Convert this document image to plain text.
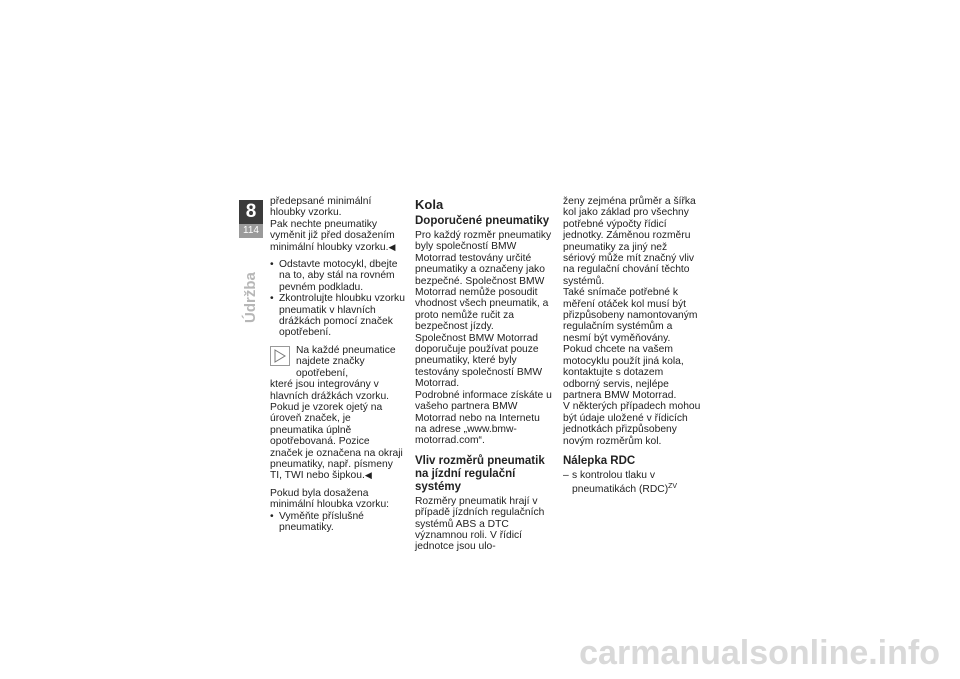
8
114
Údržba

předepsané minimální hloubky vzorku.

Pak nechte pneumatiky vyměnit již před dosažením minimální hloubky vzorku.◀

• Odstavte motocykl, dbejte na to, aby stál na rovném pevném podkladu.
• Zkontrolujte hloubku vzorku pneumatik v hlavních drážkách pomocí značek opotřebení.

Na každé pneumatice najdete značky opotřebení,

které jsou integrovány v hlavních drážkách vzorku. Pokud je vzorek ojetý na úroveň značek, je pneumatika úplně opotřebovaná. Pozice značek je označena na okraji pneumatiky, např. písmeny TI, TWI nebo šipkou.◀

Pokud byla dosažena minimální hloubka vzorku:

• Vyměňte příslušné pneumatiky.
Kola
Doporučené pneumatiky

Pro každý rozměr pneumatiky byly společností BMW Motorrad testovány určité pneumatiky a označeny jako bezpečné. Společnost BMW Motorrad nemůže posoudit vhodnost všech pneumatik, a proto nemůže ručit za bezpečnost jízdy.

Společnost BMW Motorrad doporučuje používat pouze pneumatiky, které byly testovány společností BMW Motorrad.

Podrobné informace získáte u vašeho partnera BMW Motorrad nebo na Internetu na adrese „www.bmw-motorrad.com“.

Vliv rozměrů pneumatik na jízdní regulační systémy

Rozměry pneumatik hrají v případě jízdních regulačních systémů ABS a DTC významnou roli. V řídicí jednotce jsou ulo-

ženy zejména průměr a šířka kol jako základ pro všechny potřebné výpočty řídicí jednotky. Záměnou rozměru pneumatiky za jiný než sériový může mít značný vliv na regulační chování těchto systémů.

Také snímače potřebné k měření otáček kol musí být přizpůsobeny namontovaným regulačním systémům a nesmí být vyměňovány.

Pokud chcete na vašem motocyklu použít jiná kola, kontaktujte s dotazem odborný servis, nejlépe partnera BMW Motorrad.

V některých případech mohou být údaje uložené v řídicích jednotkách přizpůsobeny novým rozměrům kol.

Nálepka RDC
– s kontrolou tlaku v pneumatikách (RDC)$^{ZV}$
carmanualsonline.info
